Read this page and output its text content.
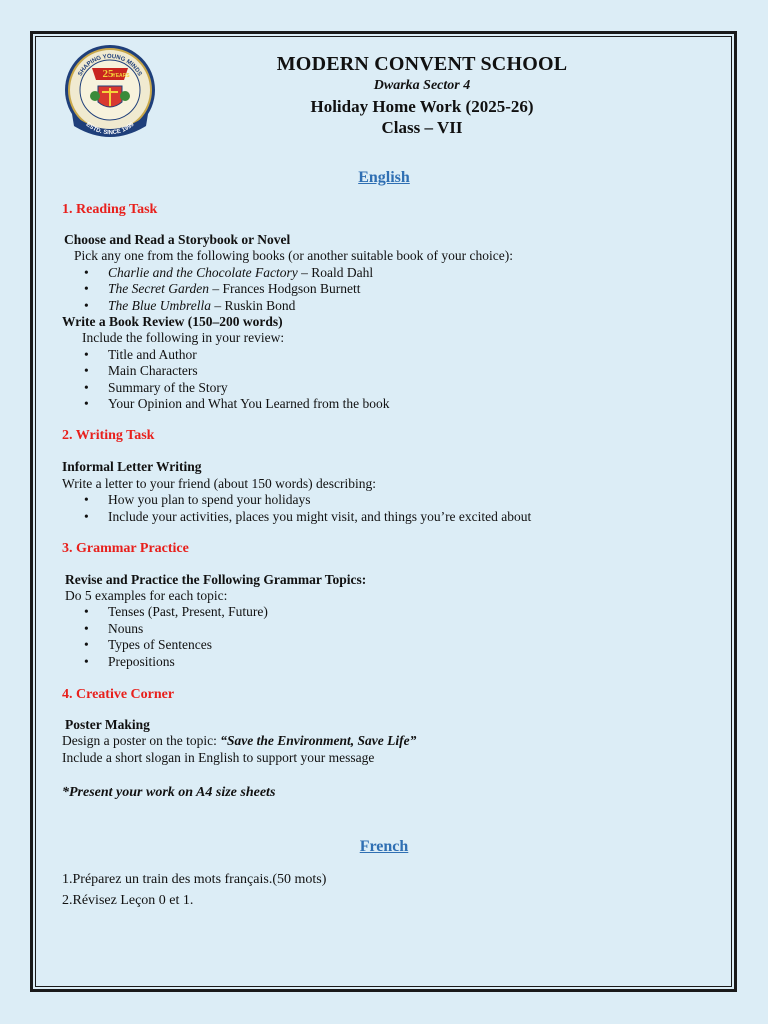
SHAPING YOUNG MINDS
25
YEARS
ESTD. SINCE 1999
MODERN CONVENT SCHOOL
Dwarka Sector 4
Holiday Home Work (2025-26)
Class – VII
English
1. Reading Task
Choose and Read a Storybook or Novel
Pick any one from the following books (or another suitable book of your choice):
• Charlie and the Chocolate Factory – Roald Dahl
• The Secret Garden – Frances Hodgson Burnett
• The Blue Umbrella – Ruskin Bond
Write a Book Review (150–200 words)
Include the following in your review:
• Title and Author
• Main Characters
• Summary of the Story
• Your Opinion and What You Learned from the book
2. Writing Task
Informal Letter Writing
Write a letter to your friend (about 150 words) describing:
• How you plan to spend your holidays
• Include your activities, places you might visit, and things you’re excited about
3. Grammar Practice
Revise and Practice the Following Grammar Topics:
Do 5 examples for each topic:
• Tenses (Past, Present, Future)
• Nouns
• Types of Sentences
• Prepositions
4. Creative Corner
Poster Making
Design a poster on the topic: “Save the Environment, Save Life”
Include a short slogan in English to support your message
*Present your work on A4 size sheets
French
1.Préparez un train des mots français.(50 mots)
2.Révisez Leçon 0 et 1.
